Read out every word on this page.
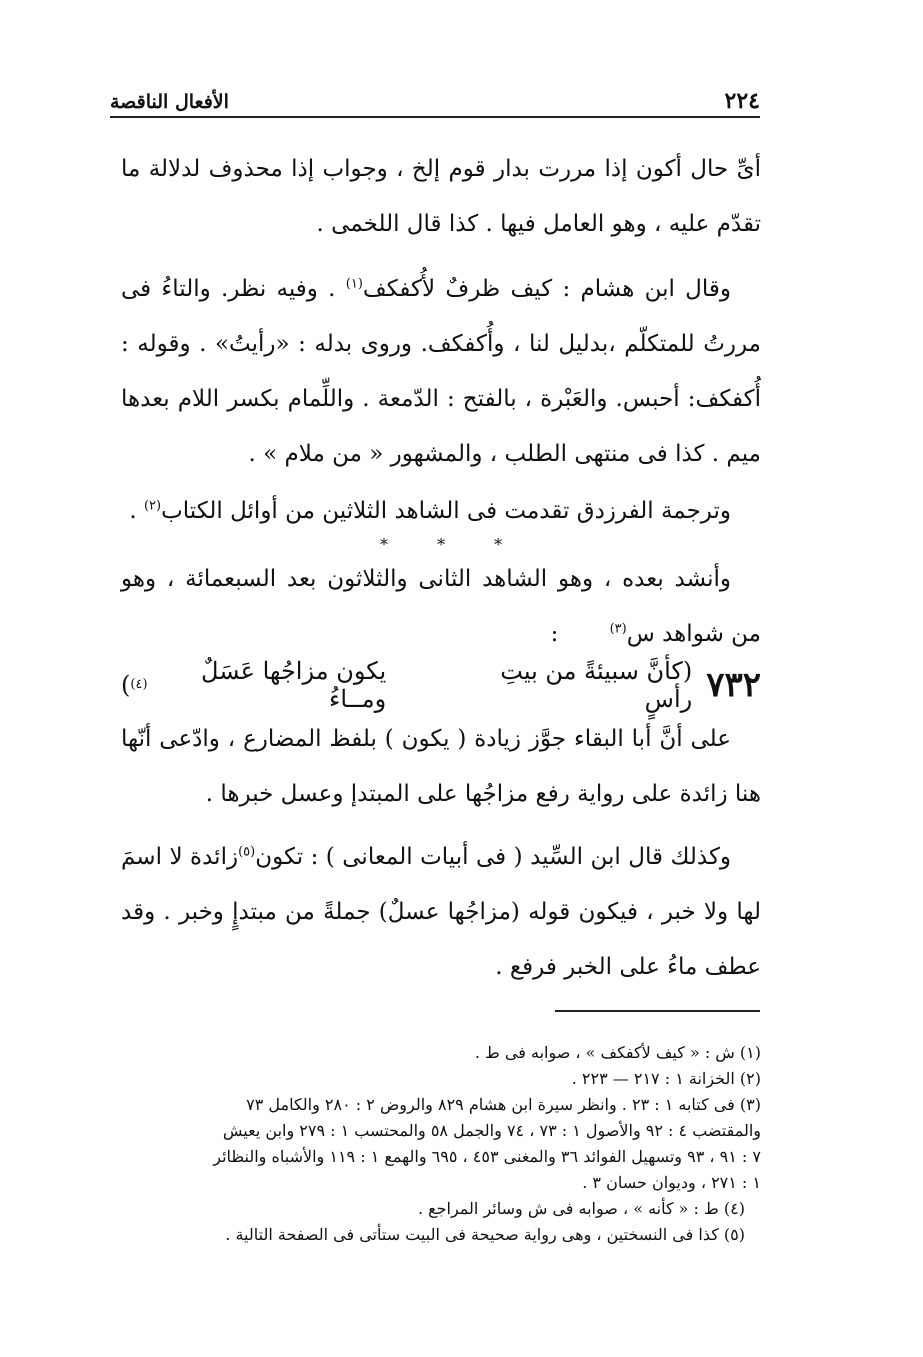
٢٢٤
الأفعال الناقصة

أىِّ حال أكون إذا مررت بدار قوم إلخ ، وجواب إذا محذوف لدلالة ما تقدّم عليه ، وهو العامل فيها . كذا قال اللخمى .

وقال ابن هشام : كيف ظرفٌ لأُكفكف$^{(١)}$ . وفيه نظر. والتاءُ فى مررتُ للمتكلّم ،بدليل لنا ، وأُكفكف. وروى بدله : «رأيتُ» . وقوله : أُكفكف: أحبس. والعَبْرة ، بالفتح : الدّمعة . واللِّمام بكسر اللام بعدها ميم . كذا فى منتهى الطلب ، والمشهور « من ملام » .

وترجمة الفرزدق تقدمت فى الشاهد الثلاثين من أوائل الكتاب$^{(٢)}$ .

* * *

وأنشد بعده ، وهو الشاهد الثانى والثلاثون بعد السبعمائة ، وهو من شواهد س$^{(٣)}$       :

٧٣٢
(كأنَّ سبيئةً من بيتِ رأسٍ
يكون مزاجُها عَسَلٌ ومــاءُ
(٤)
)

على أنَّ أبا البقاء جوَّز زيادة ( يكون ) بلفظ المضارع ، وادّعى أنّها هنا زائدة على رواية رفع مزاجُها على المبتدإ وعسل خبرها .

وكذلك قال ابن السِّيد ( فى أبيات المعانى ) : تكون$^{(٥)}$زائدة لا اسمَ لها ولا خبر ، فيكون قوله (مزاجُها عسلٌ) جملةً من مبتدإٍ وخبر . وقد عطف ماءُ على الخبر فرفع .

(١) ش : « كيف لأكفكف » ، صوابه فى ط .

(٢) الخزانة ١ : ٢١٧ — ٢٢٣ .

(٣) فى كتابه ١ : ٢٣ . وانظر سيرة ابن هشام ٨٢٩ والروض ٢ : ٢٨٠ والكامل ٧٣

والمقتضب ٤ : ٩٢ والأصول ١ : ٧٣ ، ٧٤ والجمل ٥٨ والمحتسب ١ : ٢٧٩ وابن يعيش

٧ : ٩١ ، ٩٣ وتسهيل الفوائد ٣٦ والمغنى ٤٥٣ ، ٦٩٥ والهمع ١ : ١١٩ والأشباه والنظائر

١ : ٢٧١ ، وديوان حسان ٣ .

(٤) ط : « كأنه » ، صوابه فى ش وسائر المراجع .

(٥) كذا فى النسختين ، وهى رواية صحيحة فى البيت ستأتى فى الصفحة التالية .
